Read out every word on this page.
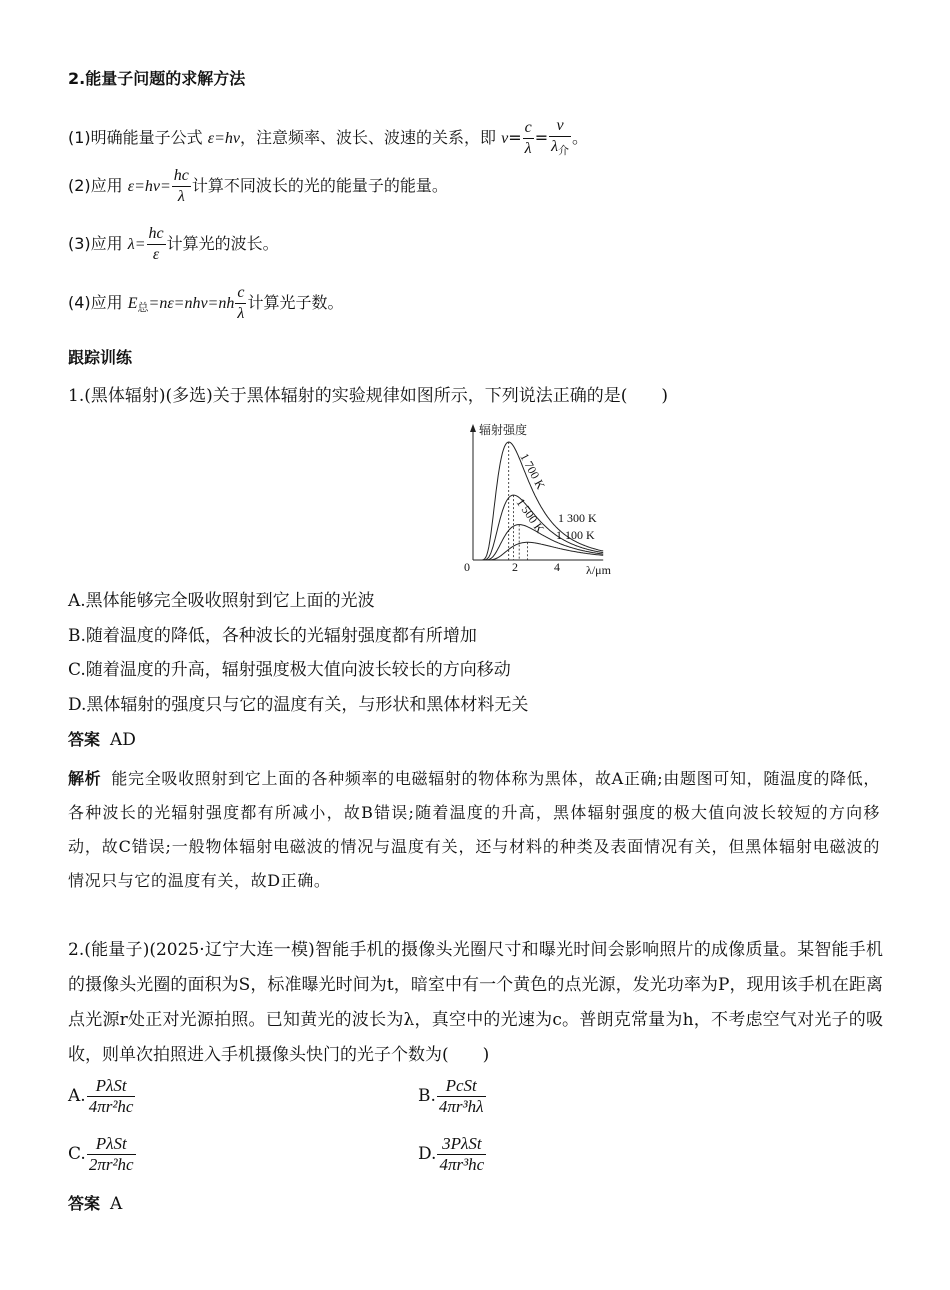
2.能量子问题的求解方法
(1)明确能量子公式 ε=hν，注意频率、波长、波速的关系，即 $v= \frac{c}{\lambda} = \frac{\nu}{\lambda_介}$ 。
(2)应用 $\varepsilon=h\nu= \frac{hc}{\lambda}$ 计算不同波长的光的能量子的能量。
(3)应用 $\lambda= \frac{hc}{\varepsilon}$ 计算光的波长。
(4)应用 $E_总=n\varepsilon=nh\nu=nh \frac{c}{\lambda}$ 计算光子数。
跟踪训练
1.(黑体辐射)(多选)关于黑体辐射的实验规律如图所示，下列说法正确的是(　　)
辐射强度
λ/μm
0	2	4
1 700 K
1 500 K 1 300 K
1 100 K
A.黑体能够完全吸收照射到它上面的光波
B.随着温度的降低，各种波长的光辐射强度都有所增加
C.随着温度的升高，辐射强度极大值向波长较长的方向移动
D.黑体辐射的强度只与它的温度有关，与形状和黑体材料无关
答案 AD
解析 能完全吸收照射到它上面的各种频率的电磁辐射的物体称为黑体，故A正确;由题图可知，随温度的降低，各种波长的光辐射强度都有所减小，故B错误;随着温度的升高，黑体辐射强度的极大值向波长较短的方向移动，故C错误;一般物体辐射电磁波的情况与温度有关，还与材料的种类及表面情况有关，但黑体辐射电磁波的情况只与它的温度有关，故D正确。
2.(能量子)(2025·辽宁大连一模)智能手机的摄像头光圈尺寸和曝光时间会影响照片的成像质量。某智能手机的摄像头光圈的面积为S，标准曝光时间为t，暗室中有一个黄色的点光源，发光功率为P，现用该手机在距离点光源r处正对光源拍照。已知黄光的波长为λ，真空中的光速为c。普朗克常量为h，不考虑空气对光子的吸收，则单次拍照进入手机摄像头快门的光子个数为(　　)
A. $\frac{\text{PλSt}}{\text{4πr²hc}}$	B. $\frac{\text{PcSt}}{\text{4πr³hλ}}$
C. $\frac{\text{PλSt}}{\text{2πr²hc}}$	D. $\frac{\text{3PλSt}}{\text{4πr³hc}}$
答案 A
